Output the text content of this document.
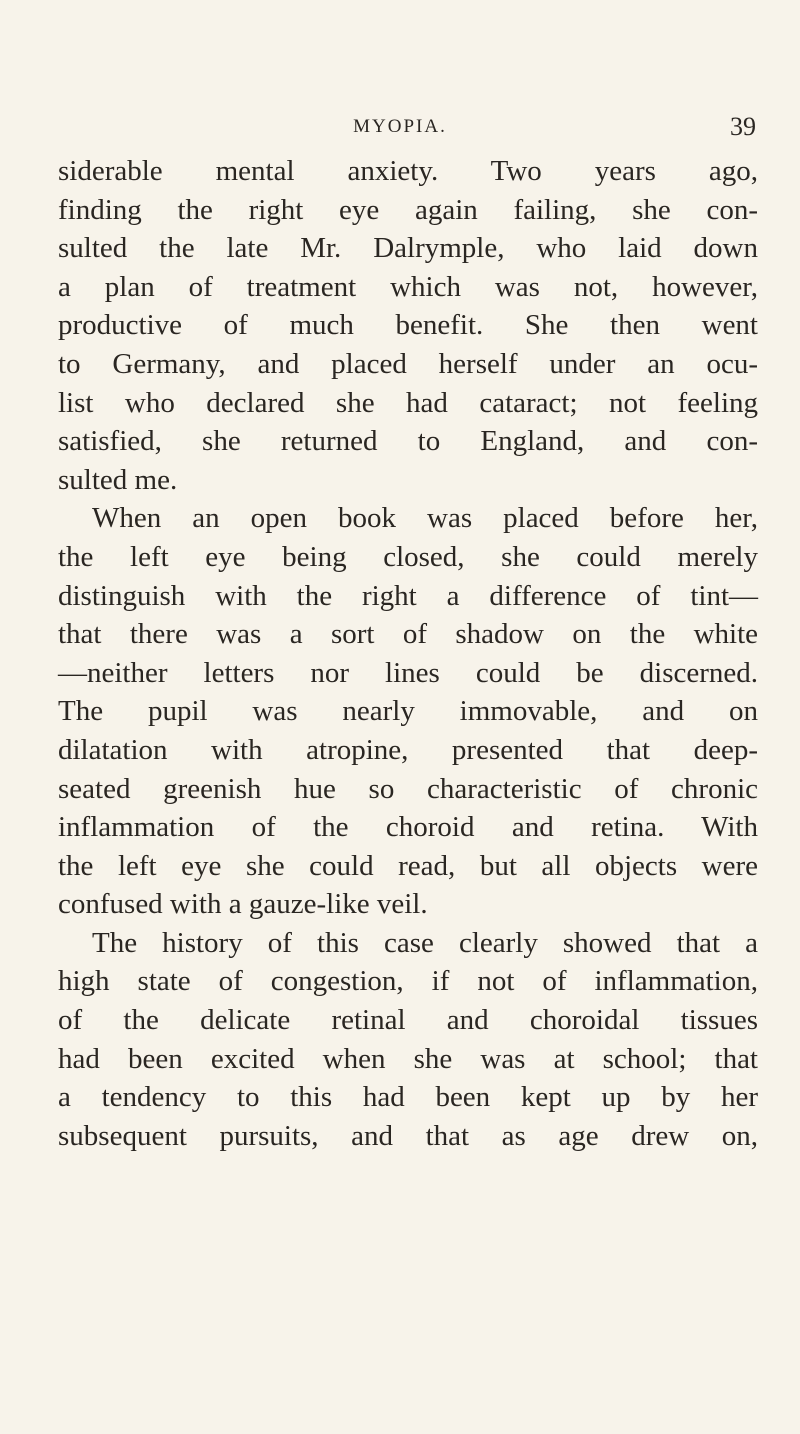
MYOPIA.	39
siderable mental anxiety. Two years ago,
finding the right eye again failing, she con-
sulted the late Mr. Dalrymple, who laid down
a plan of treatment which was not, however,
productive of much benefit. She then went
to Germany, and placed herself under an ocu-
list who declared she had cataract; not feeling
satisfied, she returned to England, and con-
sulted me.
When an open book was placed before her,
the left eye being closed, she could merely
distinguish with the right a difference of tint—
that there was a sort of shadow on the white
—neither letters nor lines could be discerned.
The pupil was nearly immovable, and on
dilatation with atropine, presented that deep-
seated greenish hue so characteristic of chronic
inflammation of the choroid and retina. With
the left eye she could read, but all objects were
confused with a gauze-like veil.
The history of this case clearly showed that a
high state of congestion, if not of inflammation,
of the delicate retinal and choroidal tissues
had been excited when she was at school; that
a tendency to this had been kept up by her
subsequent pursuits, and that as age drew on,
